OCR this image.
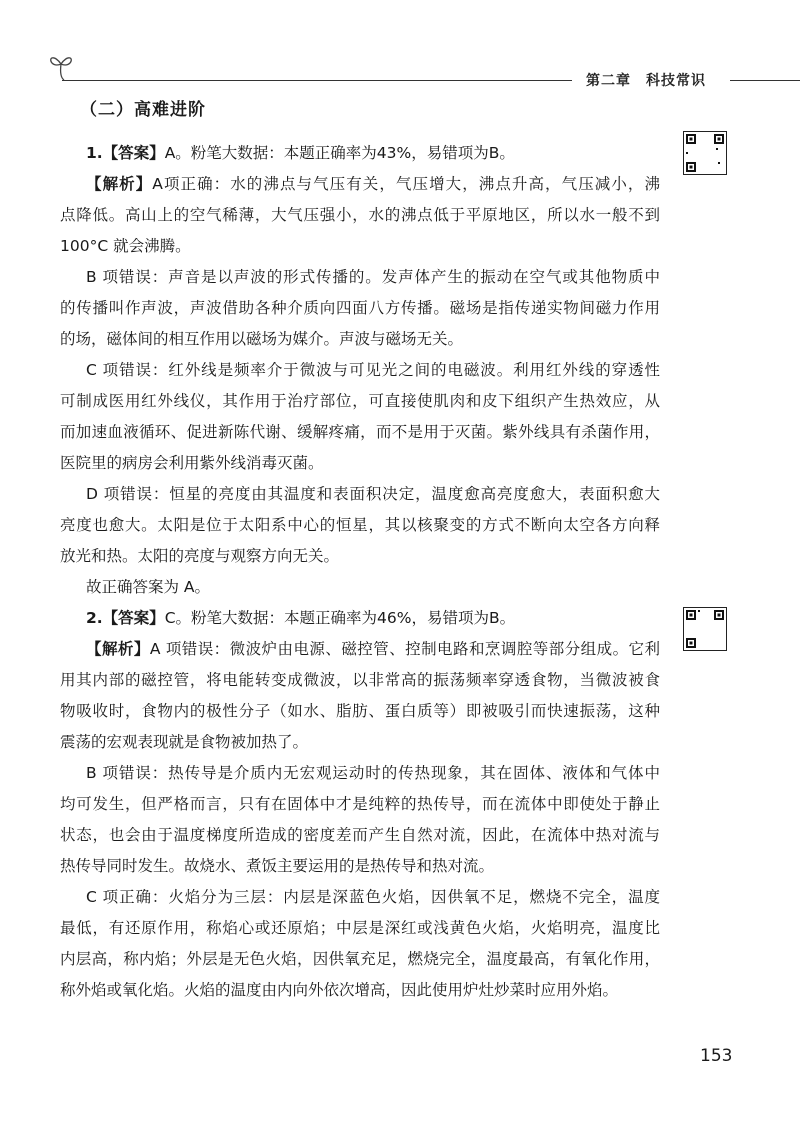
第二章　科技常识
（二）高难进阶
1.【答案】A。粉笔大数据：本题正确率为43%，易错项为B。
【解析】A项正确：水的沸点与气压有关，气压增大，沸点升高，气压减小，沸
点降低。高山上的空气稀薄，大气压强小，水的沸点低于平原地区，所以水一般不到
100°C 就会沸腾。
B 项错误：声音是以声波的形式传播的。发声体产生的振动在空气或其他物质中
的传播叫作声波，声波借助各种介质向四面八方传播。磁场是指传递实物间磁力作用
的场，磁体间的相互作用以磁场为媒介。声波与磁场无关。
C 项错误：红外线是频率介于微波与可见光之间的电磁波。利用红外线的穿透性
可制成医用红外线仪，其作用于治疗部位，可直接使肌肉和皮下组织产生热效应，从
而加速血液循环、促进新陈代谢、缓解疼痛，而不是用于灭菌。紫外线具有杀菌作用，
医院里的病房会利用紫外线消毒灭菌。
D 项错误：恒星的亮度由其温度和表面积决定，温度愈高亮度愈大，表面积愈大
亮度也愈大。太阳是位于太阳系中心的恒星，其以核聚变的方式不断向太空各方向释
放光和热。太阳的亮度与观察方向无关。
故正确答案为 A。
2.【答案】C。粉笔大数据：本题正确率为46%，易错项为B。
【解析】A 项错误：微波炉由电源、磁控管、控制电路和烹调腔等部分组成。它利
用其内部的磁控管，将电能转变成微波，以非常高的振荡频率穿透食物，当微波被食
物吸收时，食物内的极性分子（如水、脂肪、蛋白质等）即被吸引而快速振荡，这种
震荡的宏观表现就是食物被加热了。
B 项错误：热传导是介质内无宏观运动时的传热现象，其在固体、液体和气体中
均可发生，但严格而言，只有在固体中才是纯粹的热传导，而在流体中即使处于静止
状态，也会由于温度梯度所造成的密度差而产生自然对流，因此，在流体中热对流与
热传导同时发生。故烧水、煮饭主要运用的是热传导和热对流。
C 项正确：火焰分为三层：内层是深蓝色火焰，因供氧不足，燃烧不完全，温度
最低，有还原作用，称焰心或还原焰；中层是深红或浅黄色火焰，火焰明亮，温度比
内层高，称内焰；外层是无色火焰，因供氧充足，燃烧完全，温度最高，有氧化作用，
称外焰或氧化焰。火焰的温度由内向外依次增高，因此使用炉灶炒菜时应用外焰。
153
